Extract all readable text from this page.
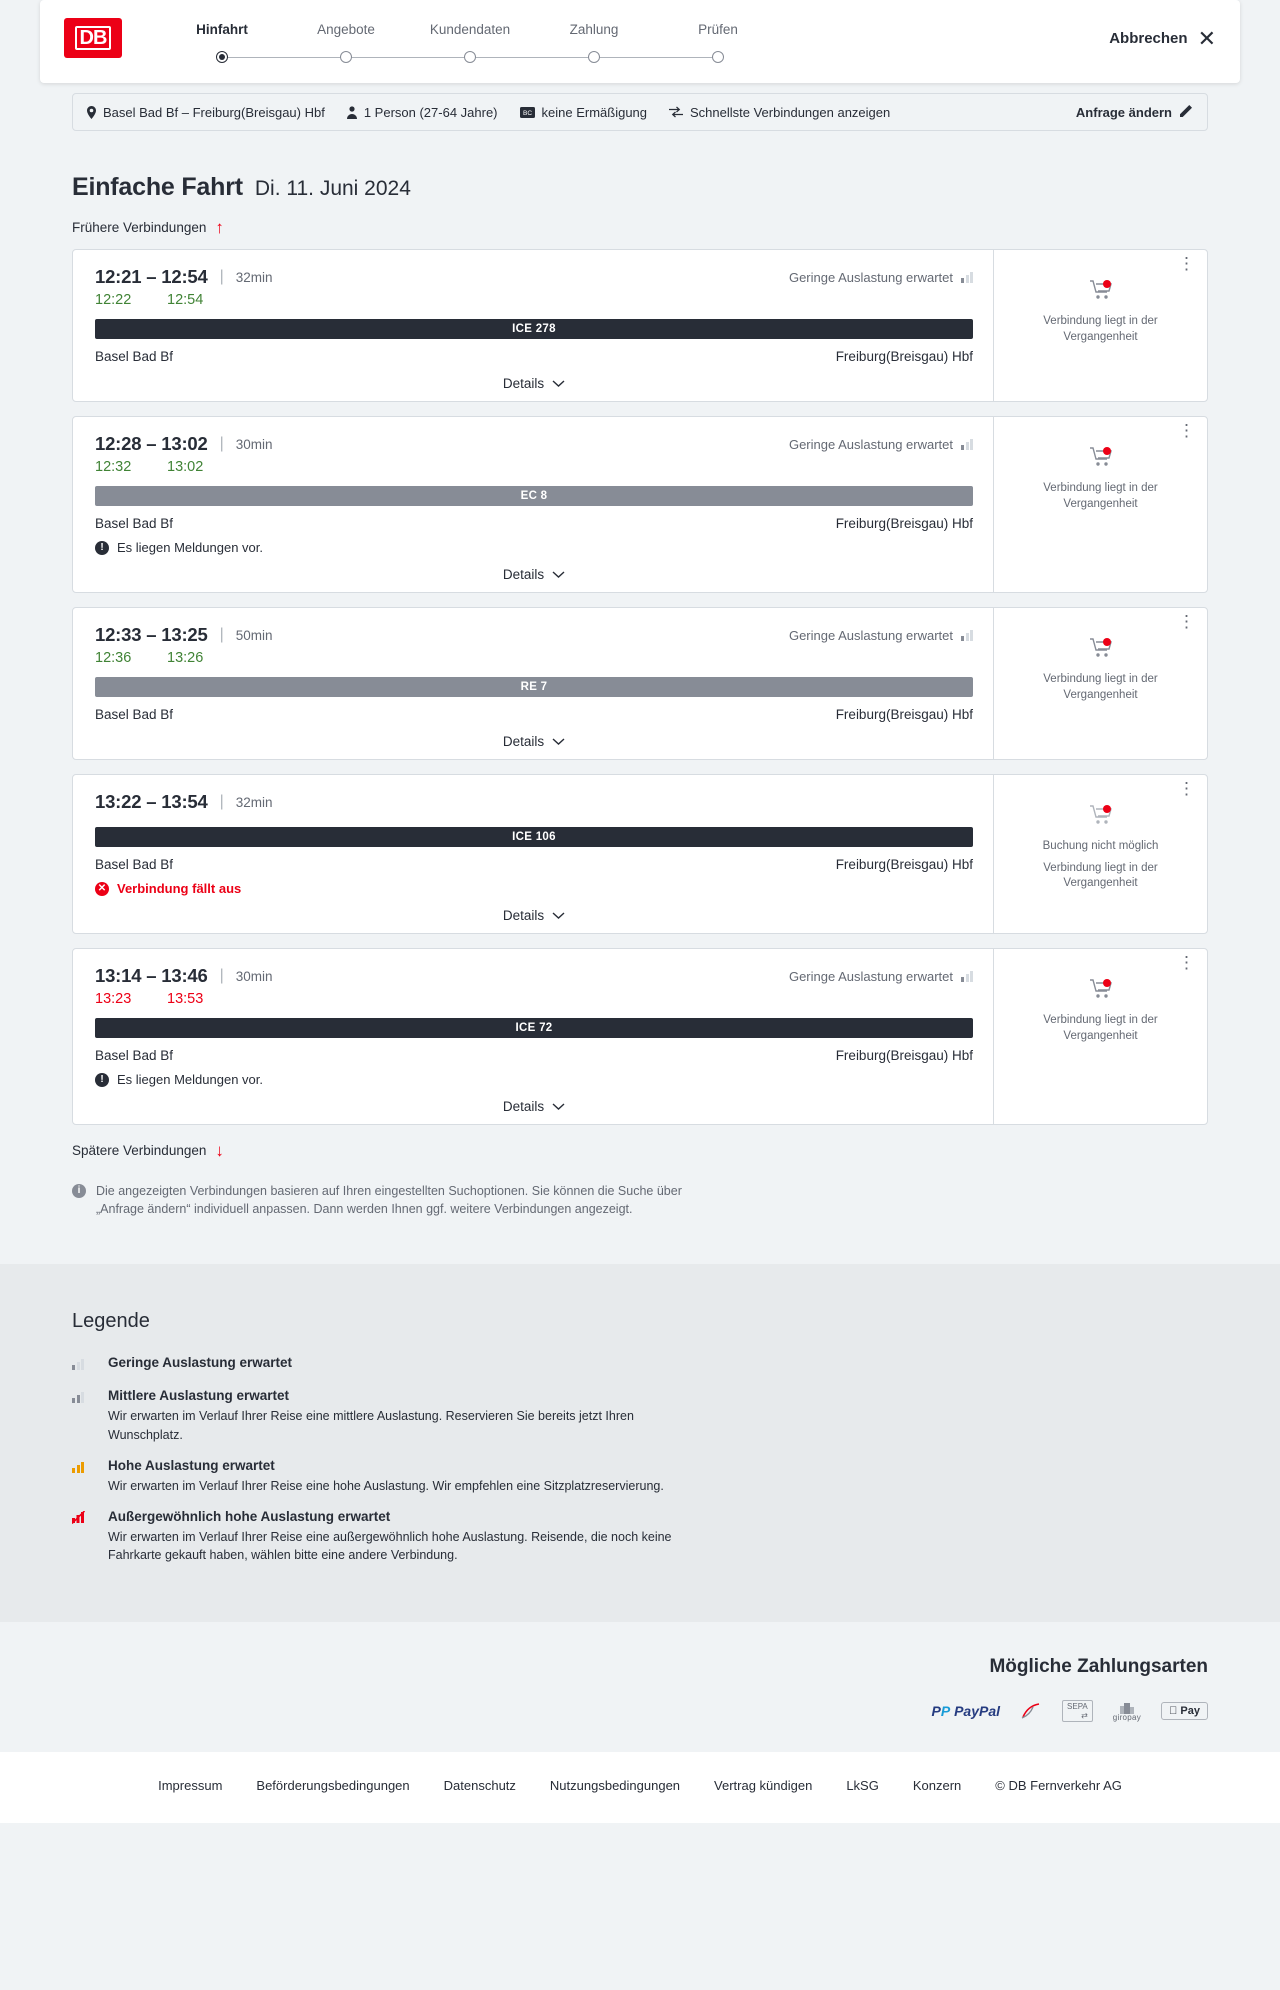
DB	Hinfahrt	Angebote	Kundendaten	Zahlung	Prüfen
Abbrechen ✕
Basel Bad Bf – Freiburg(Breisgau) Hbf	1 Person (27-64 Jahre)	BC keine Ermäßigung	Schnellste Verbindungen anzeigen	Anfrage ändern
Einfache Fahrt Di. 11. Juni 2024
Frühere Verbindungen ↑
12:21 – 12:54 | 32min	Geringe Auslastung erwartet
12:22	12:54
ICE 278
Basel Bad Bf	Freiburg(Breisgau) Hbf
Details
⋮
Verbindung liegt in der Vergangenheit
12:28 – 13:02 | 30min	Geringe Auslastung erwartet
12:32	13:02
EC 8
Basel Bad Bf	Freiburg(Breisgau) Hbf
!	Es liegen Meldungen vor.
Details
⋮
Verbindung liegt in der Vergangenheit
12:33 – 13:25 | 50min	Geringe Auslastung erwartet
12:36	13:26
RE 7
Basel Bad Bf	Freiburg(Breisgau) Hbf
Details
⋮
Verbindung liegt in der Vergangenheit
13:22 – 13:54 | 32min
ICE 106
Basel Bad Bf	Freiburg(Breisgau) Hbf
✕ Verbindung fällt aus
Details
⋮
Buchung nicht möglich
Verbindung liegt in der Vergangenheit
13:14 – 13:46 | 30min	Geringe Auslastung erwartet
13:23	13:53
ICE 72
Basel Bad Bf	Freiburg(Breisgau) Hbf
!	Es liegen Meldungen vor.
Details
⋮
Verbindung liegt in der Vergangenheit
Spätere Verbindungen ↓
i	Die angezeigten Verbindungen basieren auf Ihren eingestellten Suchoptionen. Sie können die Suche über „Anfrage ändern“ individuell anpassen. Dann werden Ihnen ggf. weitere Verbindungen angezeigt.
Legende
Geringe Auslastung erwartet
Mittlere Auslastung erwartet
Wir erwarten im Verlauf Ihrer Reise eine mittlere Auslastung. Reservieren Sie bereits jetzt Ihren Wunschplatz.
Hohe Auslastung erwartet
Wir erwarten im Verlauf Ihrer Reise eine hohe Auslastung. Wir empfehlen eine Sitzplatzreservierung.
Außergewöhnlich hohe Auslastung erwartet
Wir erwarten im Verlauf Ihrer Reise eine außergewöhnlich hohe Auslastung. Reisende, die noch keine Fahrkarte gekauft haben, wählen bitte eine andere Verbindung.
Mögliche Zahlungsarten
PP PayPal	SEPA
⇄	giropay	Pay
Impressum	Beförderungsbedingungen	Datenschutz	Nutzungsbedingungen	Vertrag kündigen	LkSG	Konzern	© DB Fernverkehr AG
